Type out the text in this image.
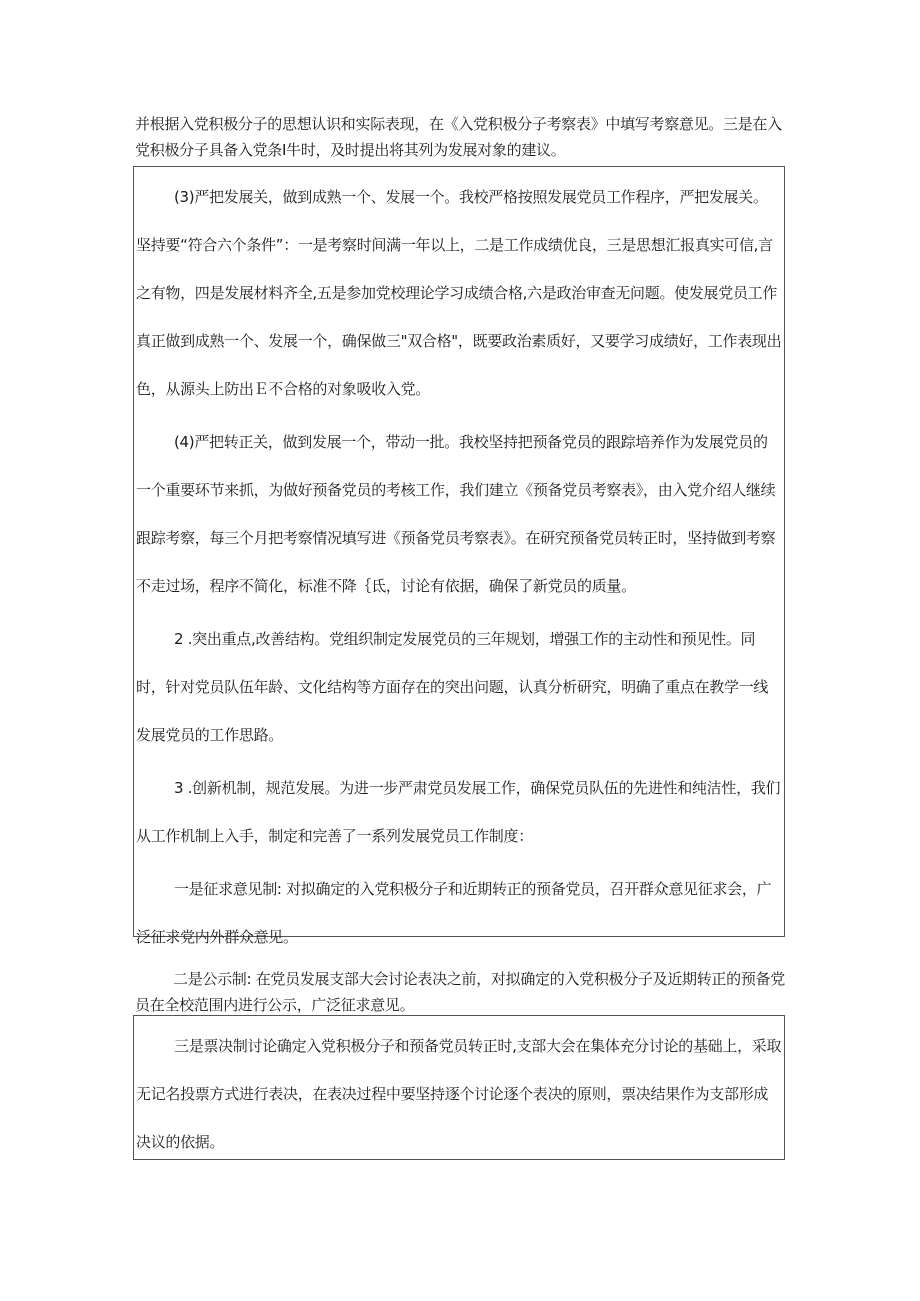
并根据入党积极分子的思想认识和实际表现，在《入党积极分子考察表》中填写考察意见。三是在入党积极分子具备入党条Ⅰ牛时，及时提出将其列为发展对象的建议。

(3)严把发展关，做到成熟一个、发展一个。我校严格按照发展党员工作程序，严把发展关。坚持要“符合六个条件”：一是考察时间满一年以上，二是工作成绩优良，三是思想汇报真实可信,言之有物，四是发展材料齐全,五是参加党校理论学习成绩合格,六是政治审查无问题。使发展党员工作真正做到成熟一个、发展一个，确保做三"双合格"，既要政治素质好，又要学习成绩好，工作表现出色，从源头上防出Ｅ不合格的对象吸收入党。

(4)严把转正关，做到发展一个，带动一批。我校坚持把预备党员的跟踪培养作为发展党员的一个重要环节来抓，为做好预备党员的考核工作，我们建立《预备党员考察表》，由入党介绍人继续跟踪考察，每三个月把考察情况填写进《预备党员考察表》。在研究预备党员转正时，坚持做到考察不走过场，程序不简化，标准不降｛氐，讨论有依据，确保了新党员的质量。

2 .突出重点,改善结构。党组织制定发展党员的三年规划，增强工作的主动性和预见性。同时，针对党员队伍年龄、文化结构等方面存在的突出问题，认真分析研究，明确了重点在教学一线发展党员的工作思路。

3 .创新机制，规范发展。为进一步严肃党员发展工作，确保党员队伍的先进性和纯洁性，我们从工作机制上入手，制定和完善了一系列发展党员工作制度：

一是征求意见制: 对拟确定的入党积极分子和近期转正的预备党员，召开群众意见征求会，广泛征求党内外群众意见。

二是公示制: 在党员发展支部大会讨论表决之前，对拟确定的入党积极分子及近期转正的预备党员在全校范围内进行公示，广泛征求意见。

三是票决制讨论确定入党积极分子和预备党员转正时,支部大会在集体充分讨论的基础上，采取无记名投票方式进行表决，在表决过程中要坚持逐个讨论逐个表决的原则，票决结果作为支部形成决议的依据。
